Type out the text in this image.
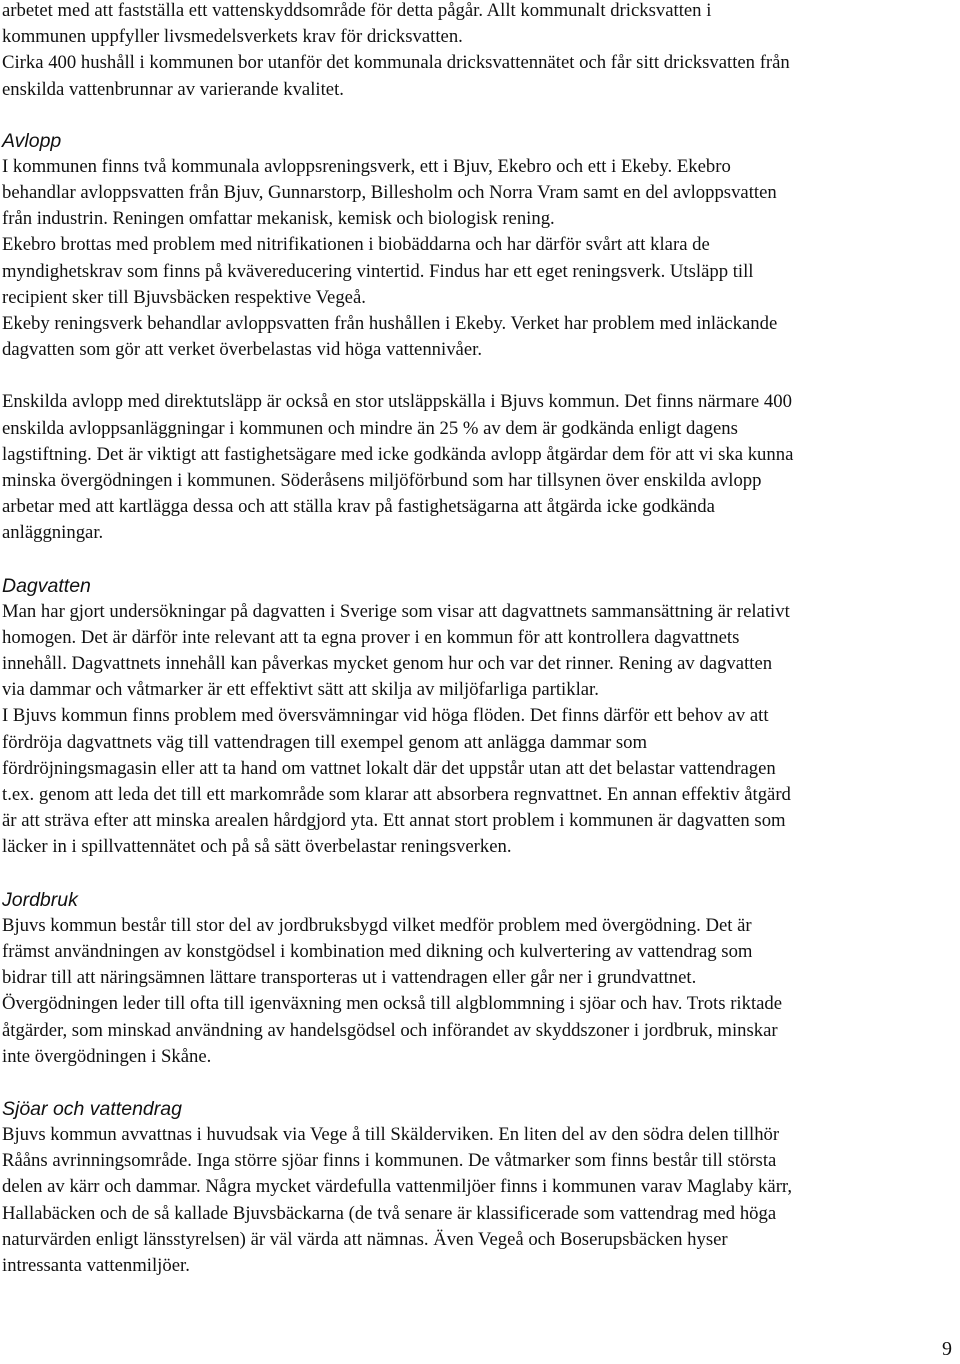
arbetet med att fastställa ett vattenskyddsområde för detta pågår. Allt kommunalt dricksvatten i
kommunen uppfyller livsmedelsverkets krav för dricksvatten.
Cirka 400 hushåll i kommunen bor utanför det kommunala dricksvattennätet och får sitt dricksvatten från
enskilda vattenbrunnar av varierande kvalitet.

Avlopp

I kommunen finns två kommunala avloppsreningsverk, ett i Bjuv, Ekebro och ett i Ekeby. Ekebro
behandlar avloppsvatten från Bjuv, Gunnarstorp, Billesholm och Norra Vram samt en del avloppsvatten
från industrin. Reningen omfattar mekanisk, kemisk och biologisk rening.
Ekebro brottas med problem med nitrifikationen i biobäddarna och har därför svårt att klara de
myndighetskrav som finns på kvävereducering vintertid. Findus har ett eget reningsverk. Utsläpp till
recipient sker till Bjuvsbäcken respektive Vegeå.
Ekeby reningsverk behandlar avloppsvatten från hushållen i Ekeby. Verket har problem med inläckande
dagvatten som gör att verket överbelastas vid höga vattennivåer.

Enskilda avlopp med direktutsläpp är också en stor utsläppskälla i Bjuvs kommun. Det finns närmare 400
enskilda avloppsanläggningar i kommunen och mindre än 25 % av dem är godkända enligt dagens
lagstiftning. Det är viktigt att fastighetsägare med icke godkända avlopp åtgärdar dem för att vi ska kunna
minska övergödningen i kommunen. Söderåsens miljöförbund som har tillsynen över enskilda avlopp
arbetar med att kartlägga dessa och att ställa krav på fastighetsägarna att åtgärda icke godkända
anläggningar.

Dagvatten

Man har gjort undersökningar på dagvatten i Sverige som visar att dagvattnets sammansättning är relativt
homogen. Det är därför inte relevant att ta egna prover i en kommun för att kontrollera dagvattnets
innehåll. Dagvattnets innehåll kan påverkas mycket genom hur och var det rinner. Rening av dagvatten
via dammar och våtmarker är ett effektivt sätt att skilja av miljöfarliga partiklar.
I Bjuvs kommun finns problem med översvämningar vid höga flöden. Det finns därför ett behov av att
fördröja dagvattnets väg till vattendragen till exempel genom att anlägga dammar som
fördröjningsmagasin eller att ta hand om vattnet lokalt där det uppstår utan att det belastar vattendragen
t.ex. genom att leda det till ett markområde som klarar att absorbera regnvattnet. En annan effektiv åtgärd
är att sträva efter att minska arealen hårdgjord yta. Ett annat stort problem i kommunen är dagvatten som
läcker in i spillvattennätet och på så sätt överbelastar reningsverken.

Jordbruk

Bjuvs kommun består till stor del av jordbruksbygd vilket medför problem med övergödning. Det är
främst användningen av konstgödsel i kombination med dikning och kulvertering av vattendrag som
bidrar till att näringsämnen lättare transporteras ut i vattendragen eller går ner i grundvattnet.
Övergödningen leder till ofta till igenväxning men också till algblommning i sjöar och hav. Trots riktade
åtgärder, som minskad användning av handelsgödsel och införandet av skyddszoner i jordbruk, minskar
inte övergödningen i Skåne.

Sjöar och vattendrag

Bjuvs kommun avvattnas i huvudsak via Vege å till Skälderviken. En liten del av den södra delen tillhör
Rååns avrinningsområde. Inga större sjöar finns i kommunen. De våtmarker som finns består till största
delen av kärr och dammar. Några mycket värdefulla vattenmiljöer finns i kommunen varav Maglaby kärr,
Hallabäcken och de så kallade Bjuvsbäckarna (de två senare är klassificerade som vattendrag med höga
naturvärden enligt länsstyrelsen) är väl värda att nämnas. Även Vegeå och Boserupsbäcken hyser
intressanta vattenmiljöer.

9
